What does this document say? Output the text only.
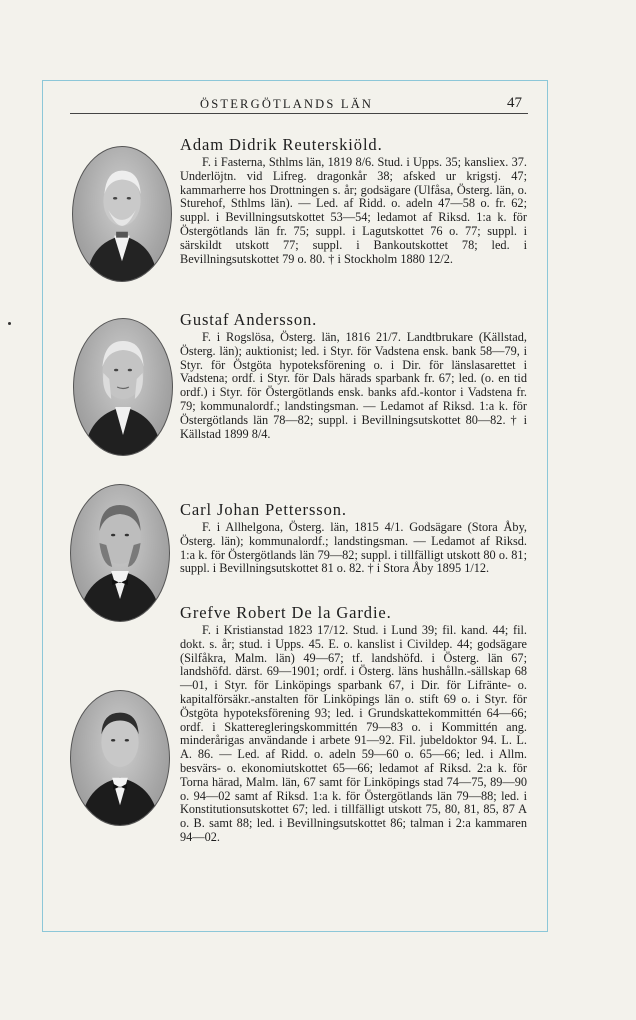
ÖSTERGÖTLANDS LÄN	47
Adam Didrik Reuterskiöld.

F. i Fasterna, Sthlms län, 1819 8/6. Stud. i Upps. 35; kansliex. 37. Underlöjtn. vid Lifreg. dragonkår 38; afsked ur krigstj. 47; kammarherre hos Drottningen s. år; godsägare (Ulfåsa, Österg. län, o. Sturehof, Sthlms län). — Led. af Ridd. o. adeln 47—58 o. fr. 62; suppl. i Bevillningsutskottet 53—54; ledamot af Riksd. 1:a k. för Östergötlands län fr. 75; suppl. i Lagutskottet 76 o. 77; suppl. i särskildt utskott 77; suppl. i Bankoutskottet 78; led. i Bevillningsutskottet 79 o. 80. † i Stockholm 1880 12/2.

Gustaf Andersson.

F. i Rogslösa, Österg. län, 1816 21/7. Landtbrukare (Källstad, Österg. län); auktionist; led. i Styr. för Vadstena ensk. bank 58—79, i Styr. för Östgöta hypoteksförening o. i Dir. för länslasarettet i Vadstena; ordf. i Styr. för Dals härads sparbank fr. 67; led. (o. en tid ordf.) i Styr. för Östergötlands ensk. banks afd.-kontor i Vadstena fr. 79; kommunalordf.; landstingsman. — Ledamot af Riksd. 1:a k. för Östergötlands län 78—82; suppl. i Bevillningsutskottet 80—82. † i Källstad 1899 8/4.

Carl Johan Pettersson.

F. i Allhelgona, Österg. län, 1815 4/1. Godsägare (Stora Åby, Österg. län); kommunalordf.; landstingsman. — Ledamot af Riksd. 1:a k. för Östergötlands län 79—82; suppl. i tillfälligt utskott 80 o. 81; suppl. i Bevillningsutskottet 81 o. 82. † i Stora Åby 1895 1/12.

Grefve Robert De la Gardie.

F. i Kristianstad 1823 17/12. Stud. i Lund 39; fil. kand. 44; fil. dokt. s. år; stud. i Upps. 45. E. o. kanslist i Civildep. 44; godsägare (Silfåkra, Malm. län) 49—67; tf. landshöfd. i Österg. län 67; landshöfd. därst. 69—1901; ordf. i Österg. läns hushålln.-sällskap 68—01, i Styr. för Linköpings sparbank 67, i Dir. för Lifränte- o. kapitalförsäkr.-anstalten för Linköpings län o. stift 69 o. i Styr. för Östgöta hypoteksförening 93; led. i Grundskattekommittén 64—66; ordf. i Skatteregleringskommittén 79—83 o. i Kommittén ang. minderårigas användande i arbete 91—92. Fil. jubeldoktor 94. L. L. A. 86. — Led. af Ridd. o. adeln 59—60 o. 65—66; led. i Allm. besvärs- o. ekonomiutskottet 65—66; ledamot af Riksd. 2:a k. för Torna härad, Malm. län, 67 samt för Linköpings stad 74—75, 89—90 o. 94—02 samt af Riksd. 1:a k. för Östergötlands län 79—88; led. i Konstitutionsutskottet 67; led. i tillfälligt utskott 75, 80, 81, 85, 87 A o. B. samt 88; led. i Bevillningsutskottet 86; talman i 2:a kammaren 94—02.
